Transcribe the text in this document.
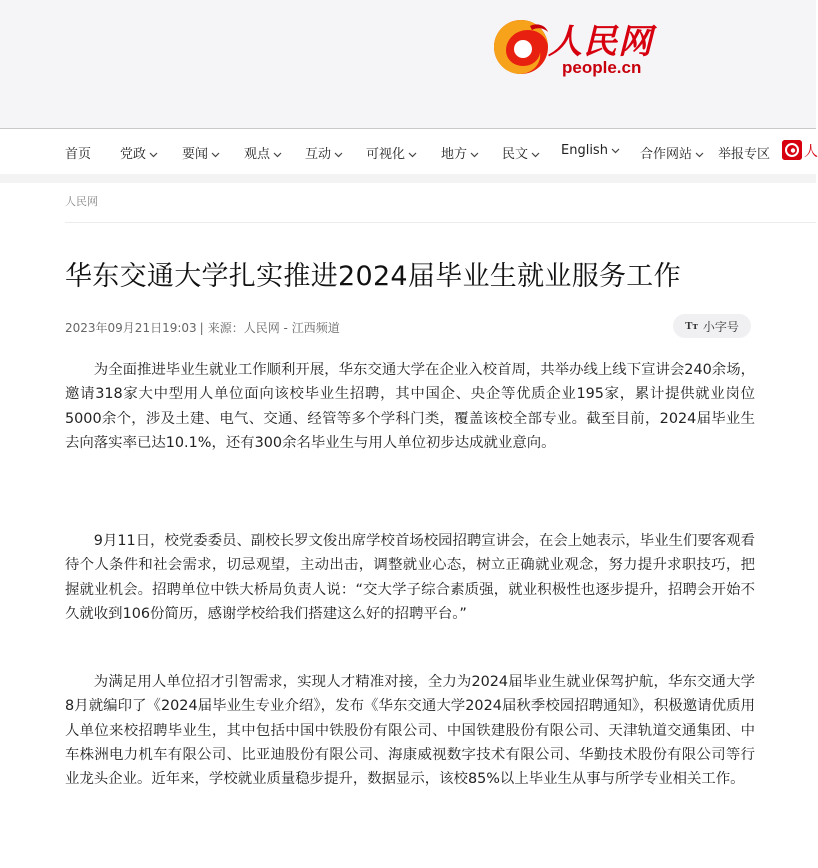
人民网
people.cn
首页 党政	要闻	观点	互动	可视化	地方	民文	English	合作网站	举报专区 人
人民网
华东交通大学扎实推进2024届毕业生就业服务工作
2023年09月21日19:03 | 来源：人民网 - 江西频道	Tт 小字号

为全面推进毕业生就业工作顺利开展，华东交通大学在企业入校首周，共举办线上线下宣讲会240余场，邀请318家大中型用人单位面向该校毕业生招聘，其中国企、央企等优质企业195家，累计提供就业岗位5000余个，涉及土建、电气、交通、经管等多个学科门类，覆盖该校全部专业。截至目前，2024届毕业生去向落实率已达10.1%，还有300余名毕业生与用人单位初步达成就业意向。

9月11日，校党委委员、副校长罗文俊出席学校首场校园招聘宣讲会，在会上她表示，毕业生们要客观看待个人条件和社会需求，切忌观望，主动出击，调整就业心态，树立正确就业观念，努力提升求职技巧，把握就业机会。招聘单位中铁大桥局负责人说：“交大学子综合素质强，就业积极性也逐步提升，招聘会开始不久就收到106份简历，感谢学校给我们搭建这么好的招聘平台。”

为满足用人单位招才引智需求，实现人才精准对接，全力为2024届毕业生就业保驾护航，华东交通大学8月就编印了《2024届毕业生专业介绍》，发布《华东交通大学2024届秋季校园招聘通知》，积极邀请优质用人单位来校招聘毕业生，其中包括中国中铁股份有限公司、中国铁建股份有限公司、天津轨道交通集团、中车株洲电力机车有限公司、比亚迪股份有限公司、海康威视数字技术有限公司、华勤技术股份有限公司等行业龙头企业。近年来，学校就业质量稳步提升，数据显示，该校85%以上毕业生从事与所学专业相关工作。
